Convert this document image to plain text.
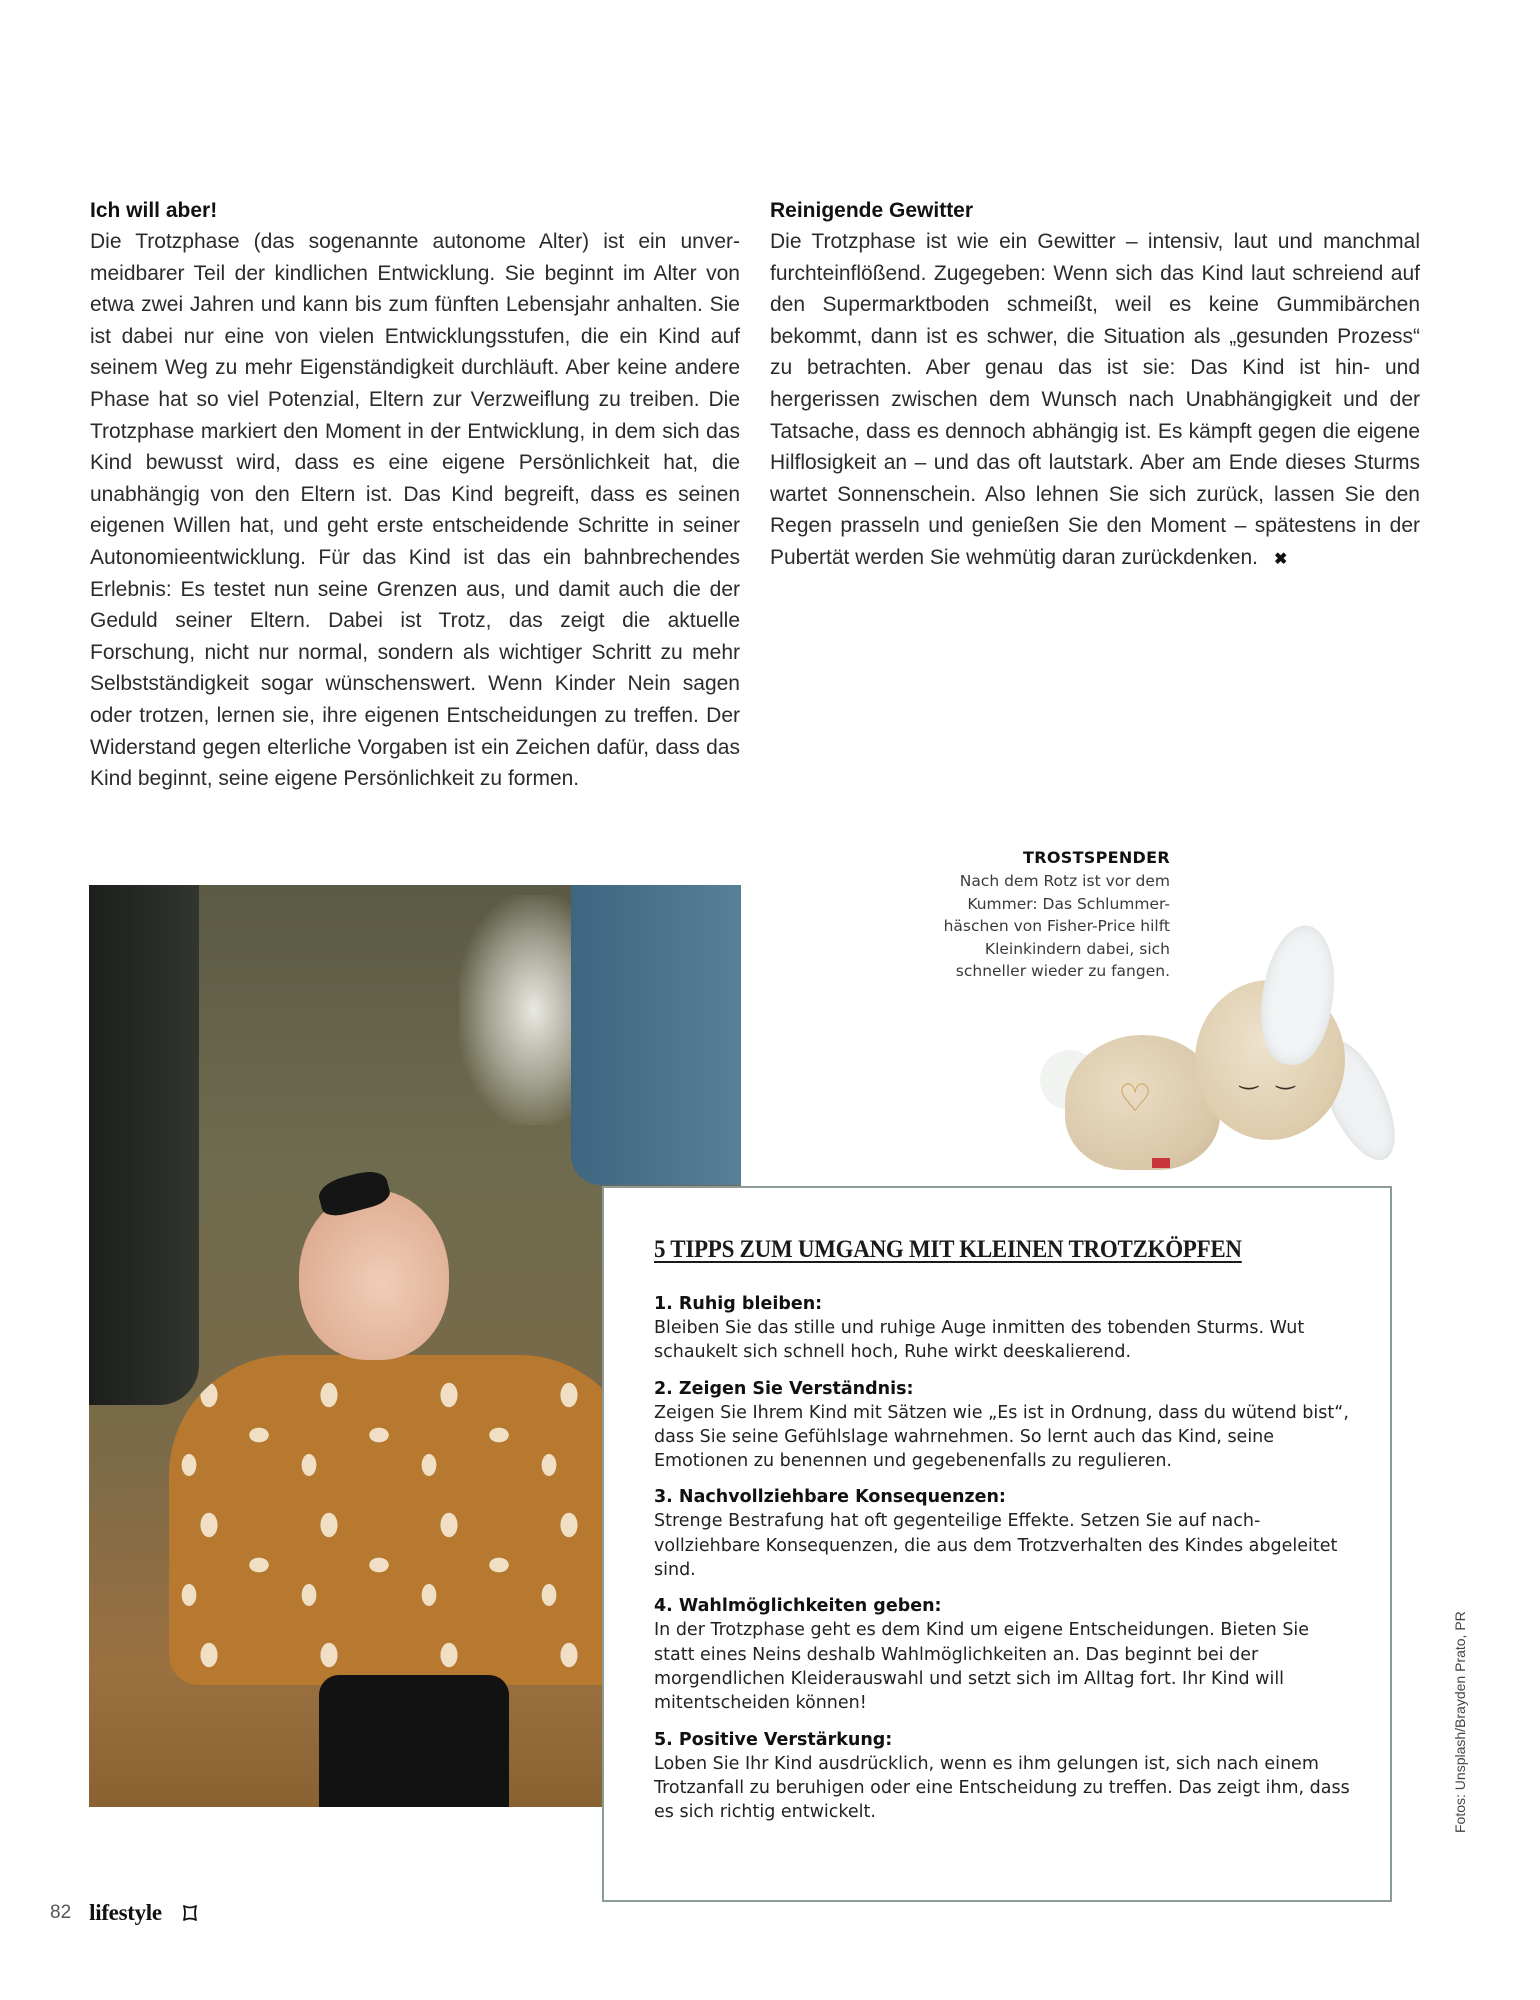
Ich will aber!

Die Trotzphase (das sogenannte autonome Alter) ist ein unvermeidbarer Teil der kindlichen Entwicklung. Sie beginnt im Alter von etwa zwei Jahren und kann bis zum fünften Lebensjahr anhalten. Sie ist dabei nur eine von vielen Entwicklungsstufen, die ein Kind auf seinem Weg zu mehr Eigenständigkeit durchläuft. Aber keine andere Phase hat so viel Potenzial, Eltern zur Verzweiflung zu treiben. Die Trotzphase markiert den Moment in der Entwicklung, in dem sich das Kind bewusst wird, dass es eine eigene Persönlichkeit hat, die unabhängig von den Eltern ist. Das Kind begreift, dass es seinen eigenen Willen hat, und geht erste entscheidende Schritte in seiner Autonomieentwicklung. Für das Kind ist das ein bahnbrechendes Erlebnis: Es testet nun seine Grenzen aus, und damit auch die der Geduld seiner Eltern. Dabei ist Trotz, das zeigt die aktuelle Forschung, nicht nur normal, sondern als wichtiger Schritt zu mehr Selbstständigkeit sogar wünschenswert. Wenn Kinder Nein sagen oder trotzen, lernen sie, ihre eigenen Entscheidungen zu treffen. Der Widerstand gegen elterliche Vorgaben ist ein Zeichen dafür, dass das Kind beginnt, seine eigene Persönlichkeit zu formen.

Reinigende Gewitter

Die Trotzphase ist wie ein Gewitter – intensiv, laut und manchmal furchteinflößend. Zugegeben: Wenn sich das Kind laut schreiend auf den Supermarktboden schmeißt, weil es keine Gummibärchen bekommt, dann ist es schwer, die Situation als „gesunden Prozess“ zu betrachten. Aber genau das ist sie: Das Kind ist hin- und hergerissen zwischen dem Wunsch nach Unabhängigkeit und der Tatsache, dass es dennoch abhängig ist. Es kämpft gegen die eigene Hilflosigkeit an – und das oft lautstark. Aber am Ende dieses Sturms wartet Sonnenschein. Also lehnen Sie sich zurück, lassen Sie den Regen prasseln und genießen Sie den Moment – spätestens in der Pubertät werden Sie wehmütig daran zurückdenken. ✖

TROSTSPENDER
Nach dem Rotz ist vor dem Kummer: Das Schlummer-häschen von Fisher-Price hilft Kleinkindern dabei, sich schneller wieder zu fangen.
♡
‿ ‿
5 TIPPS ZUM UMGANG MIT KLEINEN TROTZKÖPFEN
1. Ruhig bleiben:
Bleiben Sie das stille und ruhige Auge inmitten des tobenden Sturms. Wut schaukelt sich schnell hoch, Ruhe wirkt deeskalierend.
2. Zeigen Sie Verständnis:
Zeigen Sie Ihrem Kind mit Sätzen wie „Es ist in Ordnung, dass du wütend bist“, dass Sie seine Gefühlslage wahrnehmen. So lernt auch das Kind, seine Emotionen zu benennen und gegebenenfalls zu regulieren.
3. Nachvollziehbare Konsequenzen:
Strenge Bestrafung hat oft gegenteilige Effekte. Setzen Sie auf nachvollziehbare Konsequenzen, die aus dem Trotzverhalten des Kindes abgeleitet sind.
4. Wahlmöglichkeiten geben:
In der Trotzphase geht es dem Kind um eigene Entscheidungen. Bieten Sie statt eines Neins deshalb Wahlmöglichkeiten an. Das beginnt bei der morgendlichen Kleiderauswahl und setzt sich im Alltag fort. Ihr Kind will mitentscheiden können!
5. Positive Verstärkung:
Loben Sie Ihr Kind ausdrücklich, wenn es ihm gelungen ist, sich nach einem Trotzanfall zu beruhigen oder eine Entscheidung zu treffen. Das zeigt ihm, dass es sich richtig entwickelt.	Fotos: Unsplash/Brayden Prato, PR
82 lifestyle
